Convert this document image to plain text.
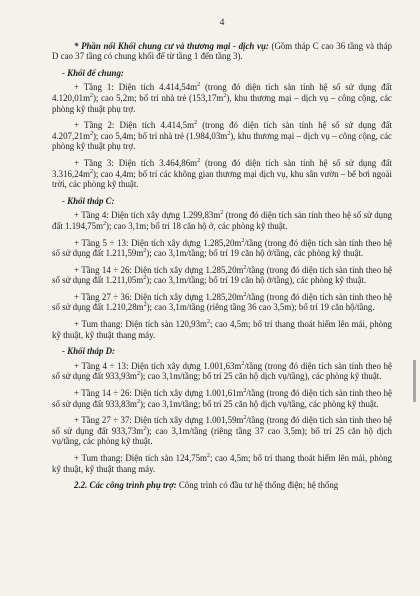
4

* Phần nổi Khối chung cư và thương mại - dịch vụ: (Gồm tháp C cao 36 tầng và tháp D cao 37 tầng có chung khối đế từ tầng 1 đến tầng 3).

- Khối đế chung:

+ Tầng 1: Diện tích $4.414,54m^2$ (trong đó diện tích sàn tính hệ số sử dụng đất $4.120,01m^2$); cao 5,2m; bố trí nhà trẻ $(153,17m^2)$, khu thương mại – dịch vụ – công cộng, các phòng kỹ thuật phụ trợ.

+ Tầng 2: Diện tích $4.414,5m^2$ (trong đó diện tích sàn tính hệ số sử dụng đất $4.207,21m^2$); cao 5,4m; bố trí nhà trẻ $(1.984,03m^2)$, khu thương mại – dịch vụ – công cộng, các phòng kỹ thuật phụ trợ.

+ Tầng 3: Diện tích $3.464,86m^2$ (trong đó diện tích sàn tính hệ số sử dụng đất $3.316,24m^2$); cao 4,4m; bố trí các không gian thương mại dịch vụ, khu sân vườn – bể bơi ngoài trời, các phòng kỹ thuật.

- Khối tháp C:

+ Tầng 4: Diện tích xây dựng $1.299,83m^2$ (trong đó diện tích sàn tính theo hệ số sử dụng đất $1.194,75m^2$); cao 3,1m; bố trí 18 căn hộ ở, các phòng kỹ thuật.

+ Tầng 5 ÷ 13: Diện tích xây dựng $1.285,20m^2$/tầng (trong đó diện tích sàn tính theo hệ số sử dụng đất $1.211,59m^2$); cao 3,1m/tầng; bố trí 19 căn hộ ở/tầng, các phòng kỹ thuật.

+ Tầng 14 ÷ 26: Diện tích xây dựng $1.285,20m^2$/tầng (trong đó diện tích sàn tính theo hệ số sử dụng đất $1.211,05m^2$); cao 3,1m/tầng; bố trí 19 căn hộ ở/tầng), các phòng kỹ thuật.

+ Tầng 27 ÷ 36: Diện tích xây dựng $1.285,20m^2$/tầng (trong đó diện tích sàn tính theo hệ số sử dụng đất $1.210,28m^2$); cao 3,1m/tầng (riêng tầng 36 cao 3,5m); bố trí 19 căn hộ/tầng.

+ Tum thang: Diện tích sàn $120,93m^2$; cao 4,5m; bố trí thang thoát hiểm lên mái, phòng kỹ thuật, kỹ thuật thang máy.

- Khối tháp D:

+ Tầng 4 ÷ 13: Diện tích xây dựng $1.001,63m^2$/tầng (trong đó diện tích sàn tính theo hệ số sử dụng đất $933,93m^2$); cao 3,1m/tầng; bố trí 25 căn hộ dịch vụ/tầng), các phòng kỹ thuật.

+ Tầng 14 ÷ 26: Diện tích xây dựng $1.001,61m^2$/tầng (trong đó diện tích sàn tính theo hệ số sử dụng đất $933,83m^2$); cao 3,1m/tầng; bố trí 25 căn hộ dịch vụ/tầng, các phòng kỹ thuật.

+ Tầng 27 ÷ 37: Diện tích xây dựng $1.001,59m^2$/tầng (trong đó diện tích sàn tính theo hệ số sử dụng đất $933,73m^2$); cao 3,1m/tầng (riêng tầng 37 cao 3,5m); bố trí 25 căn hộ dịch vụ/tầng, các phòng kỹ thuật.

+ Tum thang: Diện tích sàn $124,75m^2$; cao 4,5m; bố trí thang thoát hiểm lên mái, phòng kỹ thuật, kỹ thuật thang máy.

2.2. Các công trình phụ trợ: Công trình có đầu tư hệ thống điện; hệ thống
